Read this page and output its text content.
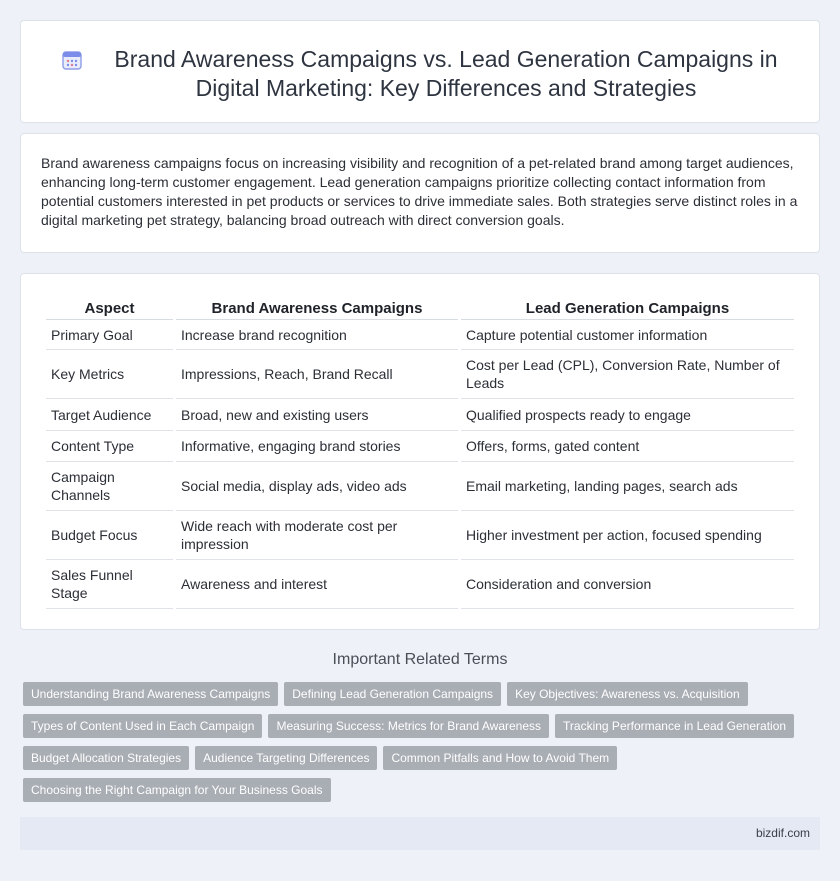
Brand Awareness Campaigns vs. Lead Generation Campaigns in Digital Marketing: Key Differences and Strategies

Brand awareness campaigns focus on increasing visibility and recognition of a pet-related brand among target audiences, enhancing long-term customer engagement. Lead generation campaigns prioritize collecting contact information from potential customers interested in pet products or services to drive immediate sales. Both strategies serve distinct roles in a digital marketing pet strategy, balancing broad outreach with direct conversion goals.

Aspect	Brand Awareness Campaigns	Lead Generation Campaigns
Primary Goal	Increase brand recognition	Capture potential customer information
Key Metrics	Impressions, Reach, Brand Recall	Cost per Lead (CPL), Conversion Rate, Number of Leads
Target Audience	Broad, new and existing users	Qualified prospects ready to engage
Content Type	Informative, engaging brand stories	Offers, forms, gated content
Campaign Channels	Social media, display ads, video ads	Email marketing, landing pages, search ads
Budget Focus	Wide reach with moderate cost per impression	Higher investment per action, focused spending
Sales Funnel Stage	Awareness and interest	Consideration and conversion
Important Related Terms
Understanding Brand Awareness Campaigns	Defining Lead Generation Campaigns	Key Objectives: Awareness vs. Acquisition
Types of Content Used in Each Campaign	Measuring Success: Metrics for Brand Awareness	Tracking Performance in Lead Generation
Budget Allocation Strategies	Audience Targeting Differences	Common Pitfalls and How to Avoid Them
Choosing the Right Campaign for Your Business Goals
bizdif.com
